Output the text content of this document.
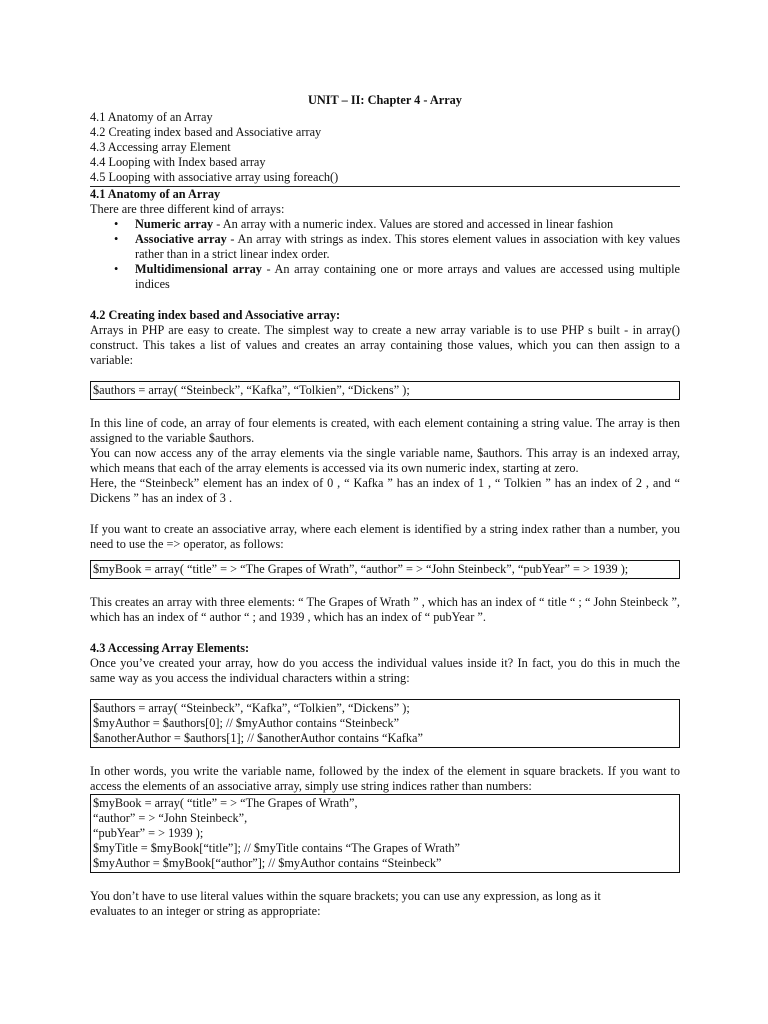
UNIT – II: Chapter 4 - Array
4.1 Anatomy of an Array
4.2 Creating index based and Associative array
4.3 Accessing array Element
4.4 Looping with Index based array
4.5 Looping with associative array using foreach()
4.1 Anatomy of an Array

There are three different kind of arrays:

• Numeric array - An array with a numeric index. Values are stored and accessed in linear fashion
• Associative array - An array with strings as index. This stores element values in association with key values rather than in a strict linear index order.
• Multidimensional array - An array containing one or more arrays and values are accessed using multiple indices
4.2 Creating index based and Associative array:

Arrays in PHP are easy to create. The simplest way to create a new array variable is to use PHP s built - in array() construct. This takes a list of values and creates an array containing those values, which you can then assign to a variable:

$authors = array( “Steinbeck”, “Kafka”, “Tolkien”, “Dickens” );

In this line of code, an array of four elements is created, with each element containing a string value. The array is then assigned to the variable $authors.

You can now access any of the array elements via the single variable name, $authors. This array is an indexed array, which means that each of the array elements is accessed via its own numeric index, starting at zero.

Here, the “Steinbeck” element has an index of 0 , “ Kafka ” has an index of 1 , “ Tolkien ” has an index of 2 , and “ Dickens ” has an index of 3 .

If you want to create an associative array, where each element is identified by a string index rather than a number, you need to use the => operator, as follows:

$myBook = array( “title” = > “The Grapes of Wrath”, “author” = > “John Steinbeck”, “pubYear” = > 1939 );

This creates an array with three elements: “ The Grapes of Wrath ” , which has an index of “ title “ ; “ John Steinbeck ”, which has an index of “ author “ ; and 1939 , which has an index of “ pubYear ”.

4.3 Accessing Array Elements:

Once you’ve created your array, how do you access the individual values inside it? In fact, you do this in much the same way as you access the individual characters within a string:

$authors = array( “Steinbeck”, “Kafka”, “Tolkien”, “Dickens” );
$myAuthor = $authors[0]; // $myAuthor contains “Steinbeck”
$anotherAuthor = $authors[1]; // $anotherAuthor contains “Kafka”

In other words, you write the variable name, followed by the index of the element in square brackets. If you want to access the elements of an associative array, simply use string indices rather than numbers:

$myBook = array( “title” = > “The Grapes of Wrath”,
“author” = > “John Steinbeck”,
“pubYear” = > 1939 );
$myTitle = $myBook[“title”]; // $myTitle contains “The Grapes of Wrath”
$myAuthor = $myBook[“author”]; // $myAuthor contains “Steinbeck”
You don’t have to use literal values within the square brackets; you can use any expression, as long as it
evaluates to an integer or string as appropriate:
